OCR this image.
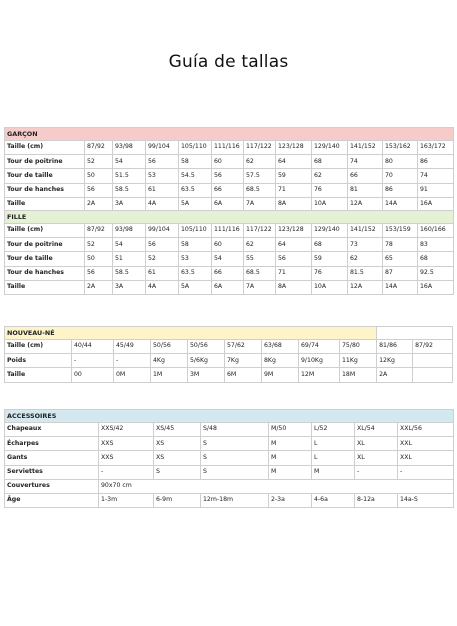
Guía de tallas
GARÇON											
Taille (cm)	87/92	93/98	99/104	105/110	111/116	117/122	123/128	129/140	141/152	153/162	163/172
Tour de poitrine	52	54	56	58	60	62	64	68	74	80	86
Tour de taille	50	51.5	53	54.5	56	57.5	59	62	66	70	74
Tour de hanches	56	58.5	61	63.5	66	68.5	71	76	81	86	91
Taille	2A	3A	4A	5A	6A	7A	8A	10A	12A	14A	16A
FILLE											
Taille (cm)	87/92	93/98	99/104	105/110	111/116	117/122	123/128	129/140	141/152	153/159	160/166
Tour de poitrine	52	54	56	58	60	62	64	68	73	78	83
Tour de taille	50	51	52	53	54	55	56	59	62	65	68
Tour de hanches	56	58.5	61	63.5	66	68.5	71	76	81.5	87	92.5
Taille	2A	3A	4A	5A	6A	7A	8A	10A	12A	14A	16A
NOUVEAU-NÉ										
Taille (cm)	40/44	45/49	50/56	50/56	57/62	63/68	69/74	75/80	81/86	87/92
Poids	-	-	4Kg	5/6Kg	7Kg	8Kg	9/10Kg	11Kg	12Kg	
Taille	00	0M	1M	3M	6M	9M	12M	18M	2A	
ACCESSOIRES							
Chapeaux	XXS/42	XS/45	S/48	M/50	L/52	XL/54	XXL/56
Écharpes	XXS	XS	S	M	L	XL	XXL
Gants	XXS	XS	S	M	L	XL	XXL
Serviettes	-	S	S	M	M	-	-
Couvertures	90x70 cm						
Âge	1-3m	6-9m	12m-18m	2-3a	4-6a	8-12a	14a-S
